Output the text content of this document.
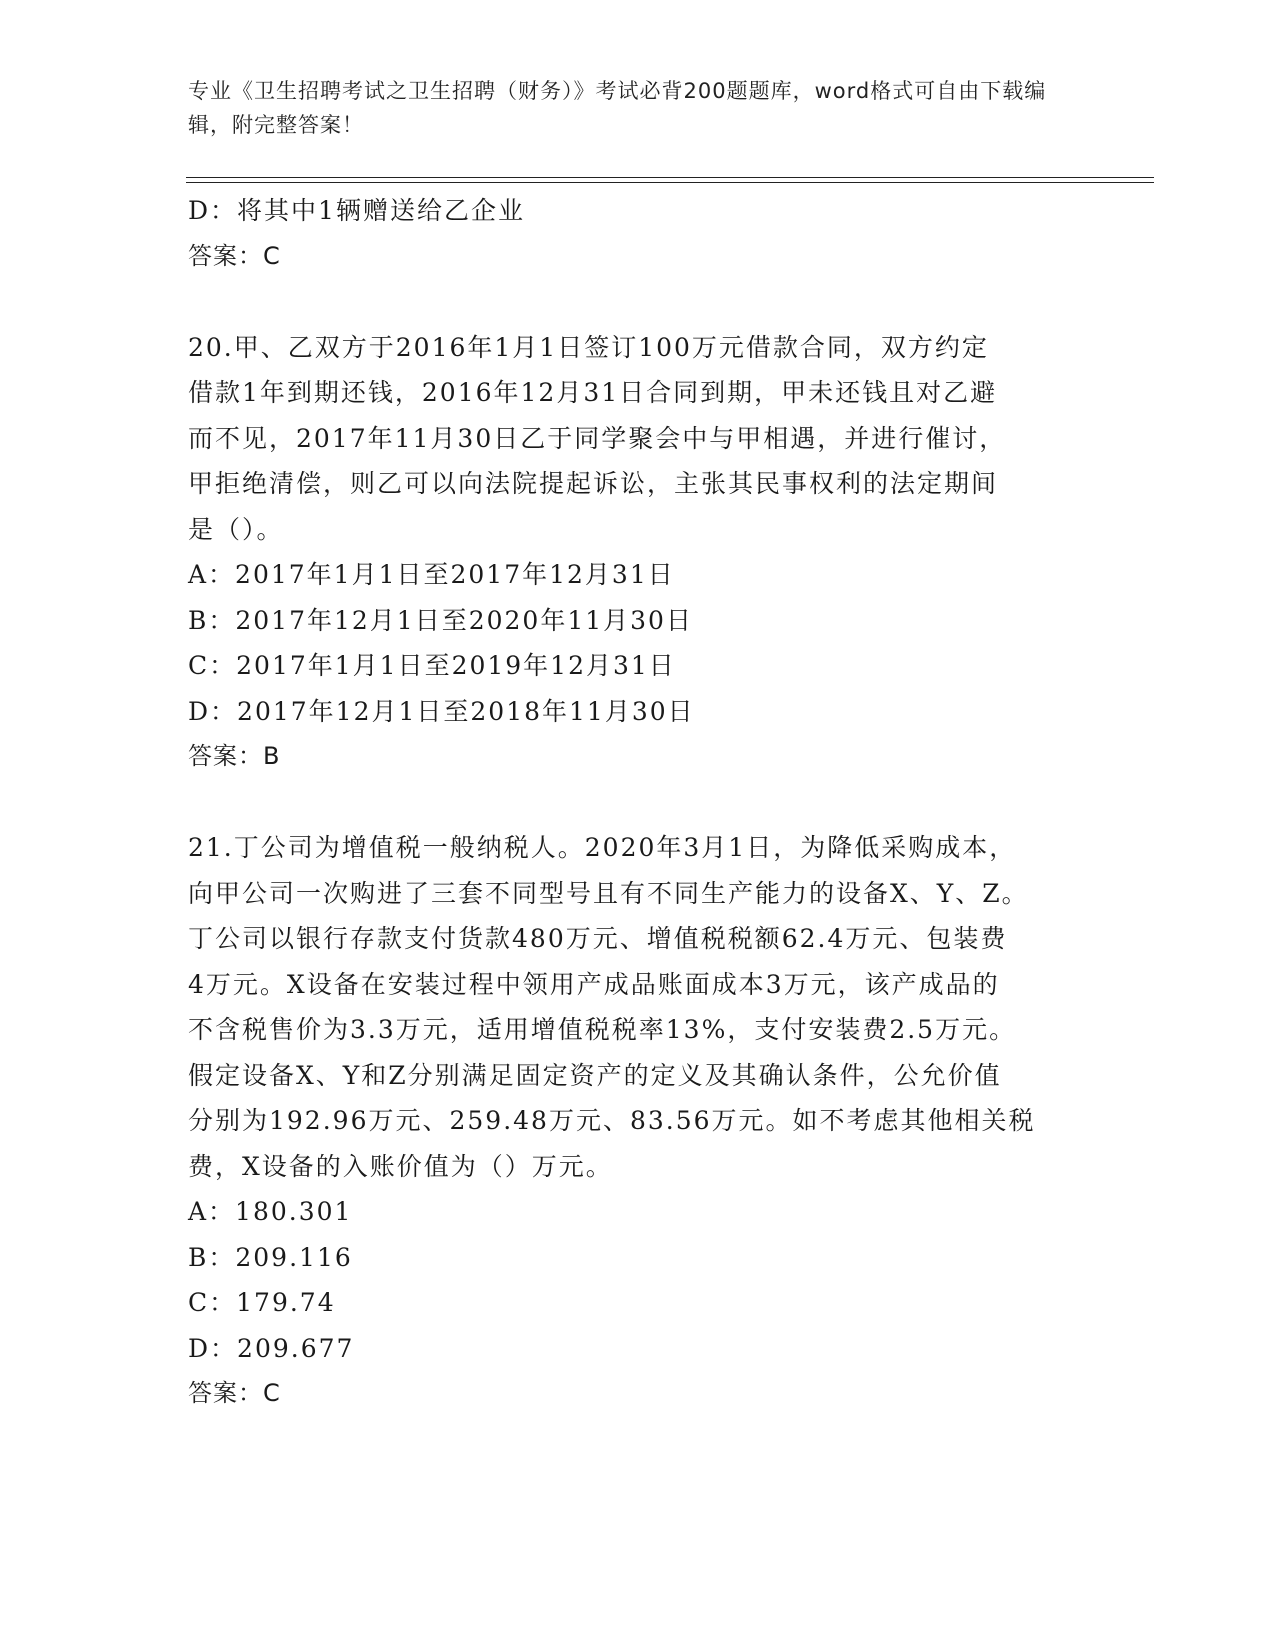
专业《卫生招聘考试之卫生招聘（财务）》考试必背200题题库，word格式可自由下载编辑，附完整答案！
D：将其中1辆赠送给乙企业
答案：C
20.甲、乙双方于2016年1月1日签订100万元借款合同，双方约定
借款1年到期还钱，2016年12月31日合同到期，甲未还钱且对乙避
而不见，2017年11月30日乙于同学聚会中与甲相遇，并进行催讨，
甲拒绝清偿，则乙可以向法院提起诉讼，主张其民事权利的法定期间
是（）。
A：2017年1月1日至2017年12月31日
B：2017年12月1日至2020年11月30日
C：2017年1月1日至2019年12月31日
D：2017年12月1日至2018年11月30日
答案：B
21.丁公司为增值税一般纳税人。2020年3月1日，为降低采购成本，
向甲公司一次购进了三套不同型号且有不同生产能力的设备X、Y、Z。
丁公司以银行存款支付货款480万元、增值税税额62.4万元、包装费
4万元。X设备在安装过程中领用产成品账面成本3万元，该产成品的
不含税售价为3.3万元，适用增值税税率13%，支付安装费2.5万元。
假定设备X、Y和Z分别满足固定资产的定义及其确认条件，公允价值
分别为192.96万元、259.48万元、83.56万元。如不考虑其他相关税
费，X设备的入账价值为（）万元。
A：180.301
B：209.116
C：179.74
D：209.677
答案：C
